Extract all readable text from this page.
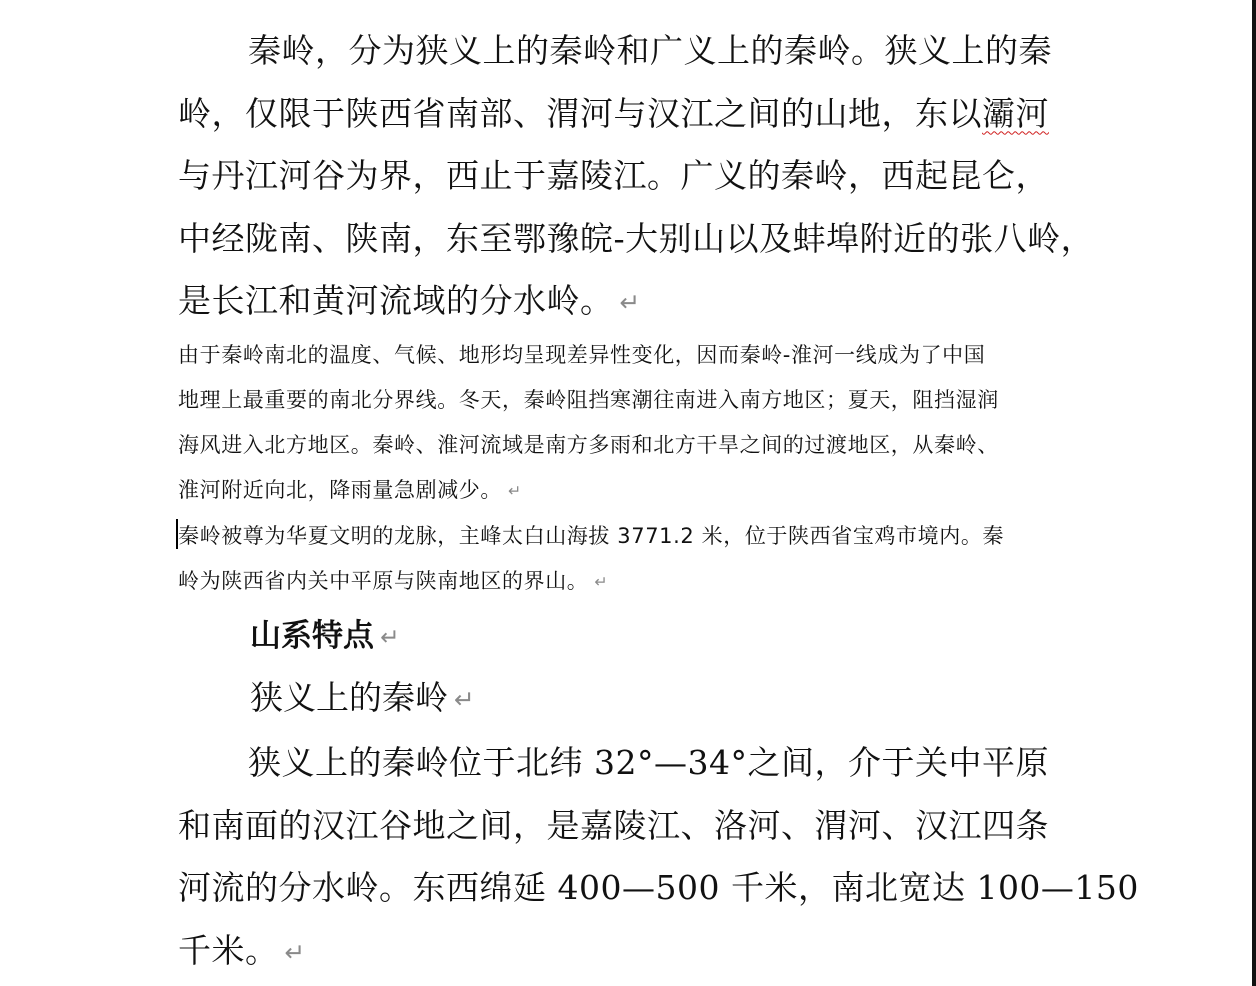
秦岭，分为狭义上的秦岭和广义上的秦岭。狭义上的秦
岭，仅限于陕西省南部、渭河与汉江之间的山地，东以灞河
与丹江河谷为界，西止于嘉陵江。广义的秦岭，西起昆仑，
中经陇南、陕南，东至鄂豫皖-大别山以及蚌埠附近的张八岭，
是长江和黄河流域的分水岭。 ↵
由于秦岭南北的温度、气候、地形均呈现差异性变化，因而秦岭-淮河一线成为了中国
地理上最重要的南北分界线。冬天，秦岭阻挡寒潮往南进入南方地区；夏天，阻挡湿润
海风进入北方地区。秦岭、淮河流域是南方多雨和北方干旱之间的过渡地区，从秦岭、
淮河附近向北，降雨量急剧减少。 ↵
秦岭被尊为华夏文明的龙脉，主峰太白山海拔 3771.2 米，位于陕西省宝鸡市境内。秦
岭为陕西省内关中平原与陕南地区的界山。 ↵
山系特点 ↵
狭义上的秦岭 ↵
狭义上的秦岭位于北纬 32°—34°之间，介于关中平原
和南面的汉江谷地之间，是嘉陵江、洛河、渭河、汉江四条
河流的分水岭。东西绵延 400—500 千米，南北宽达 100—150
千米。 ↵
